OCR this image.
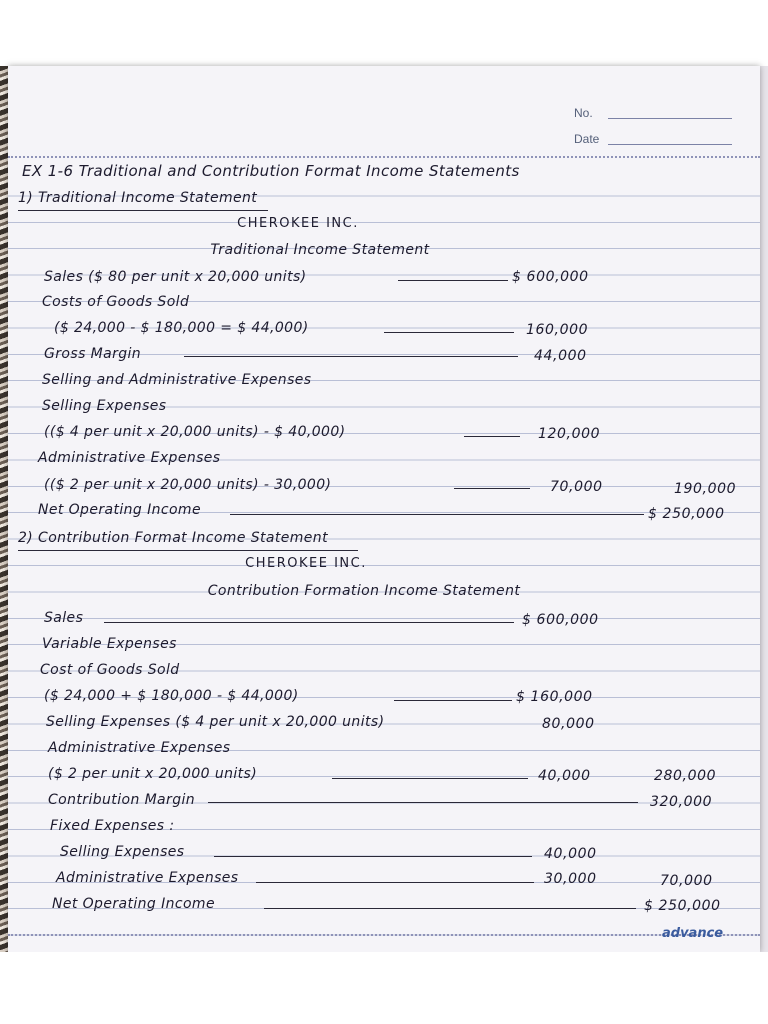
No.
Date
EX 1-6 Traditional and Contribution Format Income Statements
1) Traditional Income Statement
CHEROKEE INC.
Traditional Income Statement
Sales ($ 80 per unit x 20,000 units)	$ 600,000
Costs of Goods Sold
($ 24,000 - $ 180,000 = $ 44,000)	160,000
Gross Margin	44,000
Selling and Administrative Expenses
Selling Expenses
(($ 4 per unit x 20,000 units) - $ 40,000)	120,000
Administrative Expenses
(($ 2 per unit x 20,000 units) - 30,000)	70,000	190,000
Net Operating Income	$ 250,000
2) Contribution Format Income Statement
CHEROKEE INC.
Contribution Formation Income Statement
Sales	$ 600,000
Variable Expenses
Cost of Goods Sold
($ 24,000 + $ 180,000 - $ 44,000)	$ 160,000
Selling Expenses ($ 4 per unit x 20,000 units)	80,000
Administrative Expenses
($ 2 per unit x 20,000 units)	40,000	280,000
Contribution Margin	320,000
Fixed Expenses :
Selling Expenses	40,000
Administrative Expenses	30,000	70,000
Net Operating Income	$ 250,000
advance
